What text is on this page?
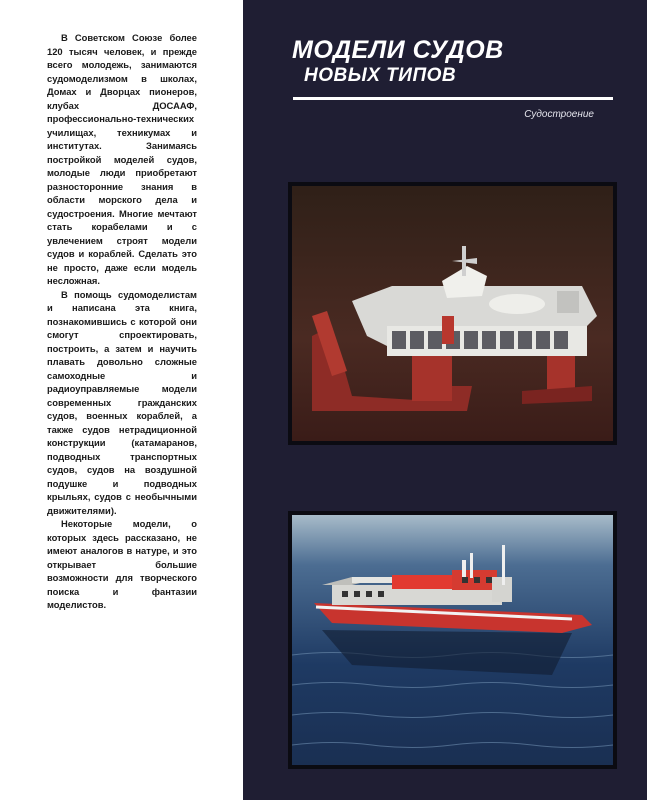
В Советском Союзе более 120 тысяч человек, и прежде всего молодежь, занимаются судомоделизмом в школах, Домах и Дворцах пионеров, клубах ДОСААФ, профессионально-технических училищах, техникумах и институтах. Занимаясь постройкой моделей судов, молодые люди приобретают разносторонние знания в области морского дела и судостроения. Многие мечтают стать корабелами и с увлечением строят модели судов и кораблей. Сделать это не просто, даже если модель несложная.

В помощь судомоделистам и написана эта книга, познакомившись с которой они смогут спроектировать, построить, а затем и научить плавать довольно сложные самоходные и радиоуправляемые модели современных гражданских судов, военных кораблей, а также судов нетрадиционной конструкции (катамаранов, подводных транспортных судов, судов на воздушной подушке и подводных крыльях, судов с необычными движителями).

Некоторые модели, о которых здесь рассказано, не имеют аналогов в натуре, и это открывает большие возможности для творческого поиска и фантазии моделистов.

МОДЕЛИ СУДОВ
НОВЫХ ТИПОВ
Судостроение
